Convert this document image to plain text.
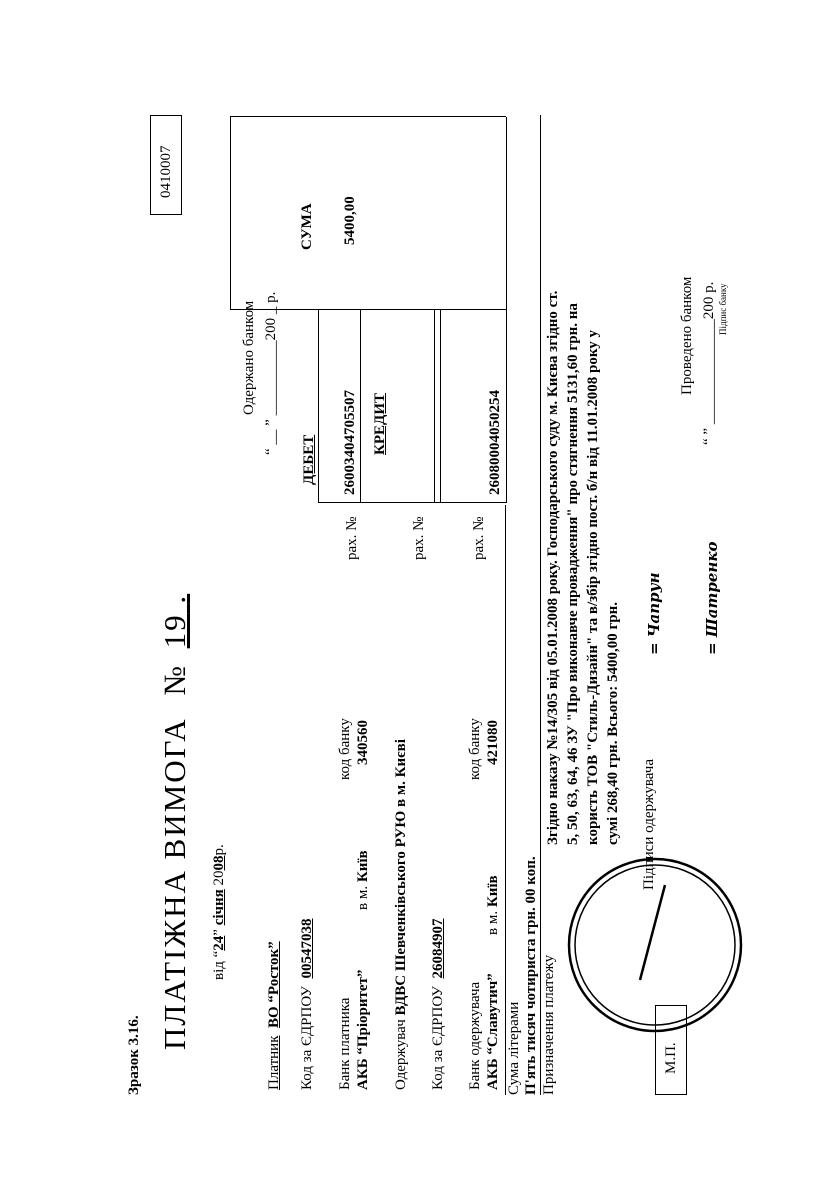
Зразок 3.16.
ПЛАТІЖНА ВИМОГА № 19 .
від “24” січня 2008р.
0410007
Одержано банком “ __ ” __________200 _ р.
Платник  ВО “Росток”
Код за ЄДРПОУ  00547038
Банк платника АКБ “Пріоритет”
в м. Київ
код банку 340560
рах. №
Одержувач ВДВС Шевченківського РУЮ в м. Києві
Код за ЄДРПОУ  26084907
рах. №
Банк одержувача АКБ “Славутич”
в м. Київ
код банку 421080
рах. №
ДЕБЕТ
СУМА
26003404705507 КРЕДИТ	26080004050254
5400,00
Сума літерами П'ять тисяч чотириста грн. 00 коп. Призначення платежу
Згідно наказу №14/305 від 05.01.2008 року. Господарського суду м. Києва згідно ст. 5, 50, 63, 64, 46 ЗУ "Про виконавче провадження" про стягнення 5131,60 грн. на користь ТОВ "Стиль-Дизайн" та в/збір згідно пост. б/н від 11.01.2008 року у сумі 268,40 грн. Всього: 5400,00 грн. Підписи одержувача
= Чапрун	= Шатренко
М.П.
Проведено банком “ ” ______________200 р. Підпис банку
